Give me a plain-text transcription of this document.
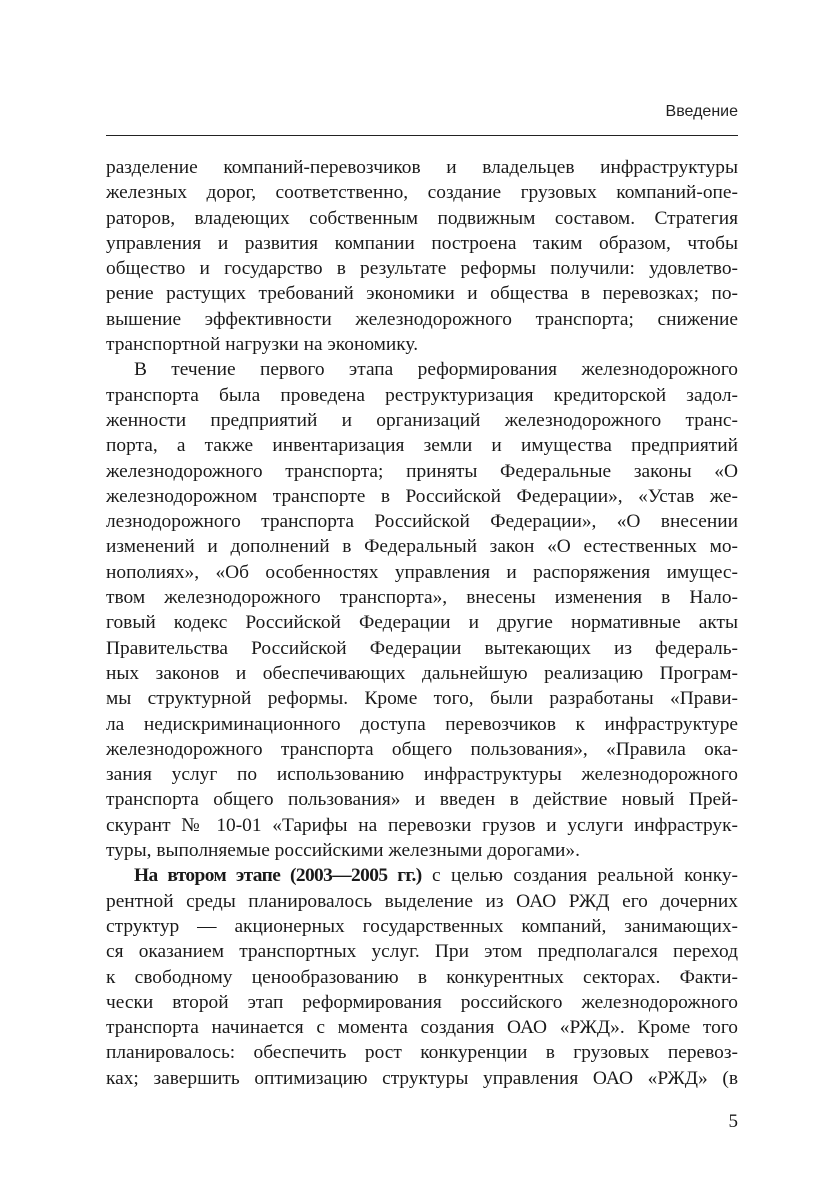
Введение
разделение компаний-перевозчиков и владельцев инфраструктуры
железных дорог, соответственно, создание грузовых компаний-опе-
раторов, владеющих собственным подвижным составом. Стратегия
управления и развития компании построена таким образом, чтобы
общество и государство в результате реформы получили: удовлетво-
рение растущих требований экономики и общества в перевозках; по-
вышение эффективности железнодорожного транспорта; снижение
транспортной нагрузки на экономику.
В течение первого этапа реформирования железнодорожного
транспорта была проведена реструктуризация кредиторской задол-
женности предприятий и организаций железнодорожного транс-
порта, а также инвентаризация земли и имущества предприятий
железнодорожного транспорта; приняты Федеральные законы «О
железнодорожном транспорте в Российской Федерации», «Устав же-
лезнодорожного транспорта Российской Федерации», «О внесении
изменений и дополнений в Федеральный закон «О естественных мо-
нополиях», «Об особенностях управления и распоряжения имущес-
твом железнодорожного транспорта», внесены изменения в Нало-
говый кодекс Российской Федерации и другие нормативные акты
Правительства Российской Федерации вытекающих из федераль-
ных законов и обеспечивающих дальнейшую реализацию Програм-
мы структурной реформы. Кроме того, были разработаны «Прави-
ла недискриминационного доступа перевозчиков к инфраструктуре
железнодорожного транспорта общего пользования», «Правила ока-
зания услуг по использованию инфраструктуры железнодорожного
транспорта общего пользования» и введен в действие новый Прей-
скурант № 10-01 «Тарифы на перевозки грузов и услуги инфраструк-
туры, выполняемые российскими железными дорогами».
На втором этапе (2003—2005 гг.) с целью создания реальной конку-
рентной среды планировалось выделение из ОАО РЖД его дочерних
структур — акционерных государственных компаний, занимающих-
ся оказанием транспортных услуг. При этом предполагался переход
к свободному ценообразованию в конкурентных секторах. Факти-
чески второй этап реформирования российского железнодорожного
транспорта начинается с момента создания ОАО «РЖД». Кроме того
планировалось: обеспечить рост конкуренции в грузовых перевоз-
ках; завершить оптимизацию структуры управления ОАО «РЖД» (в
5
